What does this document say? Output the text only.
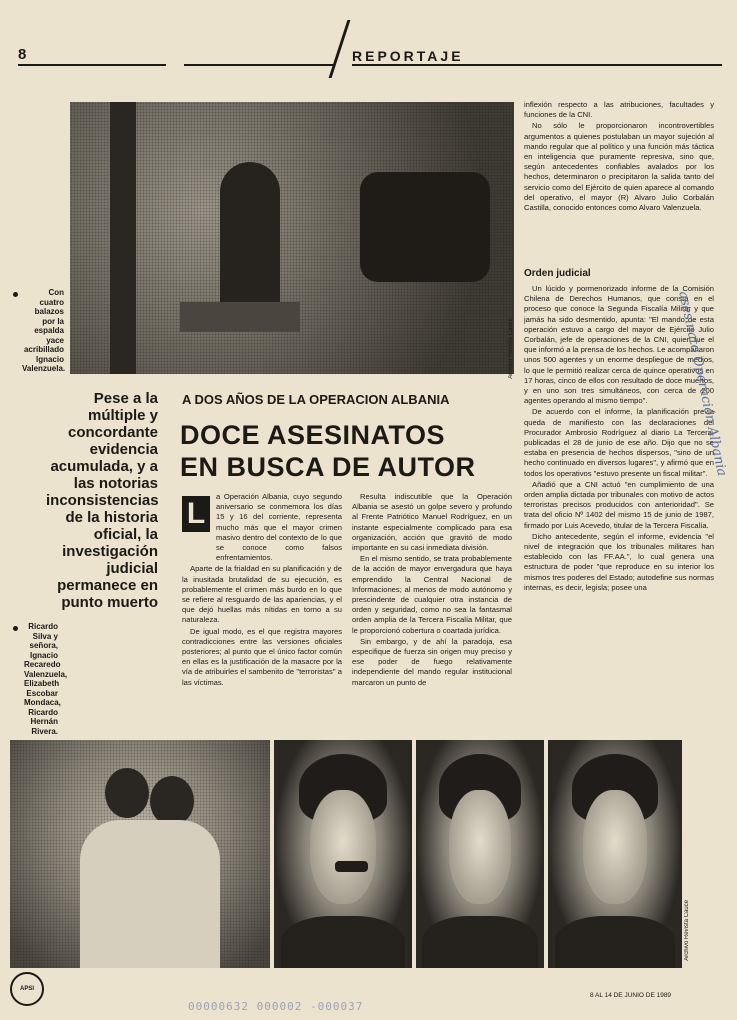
8	REPORTAJE
Archivo Revista Cauce
Con cuatro balazos por la espalda yace acribillado Ignacio Valenzuela.
Pese a la múltiple y concordante evidencia acumulada, y a las notorias inconsistencias de la historia oficial, la investigación judicial permanece en punto muerto
Ricardo Silva y señora, Ignacio Recaredo Valenzuela, Elizabeth Escobar Mondaca, Ricardo Hernán Rivera.
A DOS AÑOS DE LA OPERACION ALBANIA
DOCE ASESINATOS
EN BUSCA DE AUTOR
L

a Operación Albania, cuyo segundo aniversario se conmemora los días 15 y 16 del corriente, representa mucho más que el mayor crimen masivo dentro del contexto de lo que se conoce como falsos enfrentamientos.

Aparte de la frialdad en su planificación y de la inusitada brutalidad de su ejecución, es probablemente el crimen más burdo en lo que se refiere al resguardo de las apariencias, y el que dejó huellas más nítidas en torno a su naturaleza.

De igual modo, es el que registra mayores contradicciones entre las versiones oficiales posteriores; al punto que el único factor común en ellas es la justificación de la masacre por la vía de atribuirles el sambenito de "terroristas" a las víctimas.

Resulta indiscutible que la Operación Albania se asestó un golpe severo y profundo al Frente Patriótico Manuel Rodríguez, en un instante especialmente complicado para esa organización, acción que gravitó de modo importante en su casi inmediata división.

En el mismo sentido, se trata probablemente de la acción de mayor envergadura que haya emprendido la Central Nacional de Informaciones; al menos de modo autónomo y prescindente de cualquier otra instancia de orden y seguridad, como no sea la fantasmal orden amplia de la Tercera Fiscalía Militar, que le proporcionó cobertura o coartada jurídica.

Sin embargo, y de ahí la paradoja, esa especifique de fuerza sin origen muy preciso y ese poder de fuego relativamente independiente del mando regular institucional marcaron un punto de

inflexión respecto a las atribuciones, facultades y funciones de la CNI.

No sólo le proporcionaron incontrovertibles argumentos a quienes postulaban un mayor sujeción al mando regular que al político y una función más táctica en inteligencia que puramente represiva, sino que, según antecedentes confiables avalados por los hechos, determinaron o precipitaron la salida tanto del servicio como del Ejército de quien aparece al comando del operativo, el mayor (R) Alvaro Julio Corbalán Castilla, conocido entonces como Alvaro Valenzuela.

Orden judicial

Un lúcido y pormenorizado informe de la Comisión Chilena de Derechos Humanos, que consta en el proceso que conoce la Segunda Fiscalía Militar y que jamás ha sido desmentido, apunta: "El mando de esta operación estuvo a cargo del mayor de Ejército Julio Corbalán, jefe de operaciones de la CNI, quien fue el que informó a la prensa de los hechos. Le acompañaron unos 500 agentes y un enorme despliegue de medios, lo que le permitió realizar cerca de quince operativos en 17 horas, cinco de ellos con resultado de doce muertos, y en uno son tres simultáneos, con cerca de 200 agentes operando al mismo tiempo".

De acuerdo con el informe, la planificación previa queda de manifiesto con las declaraciones del Procurador Ambrosio Rodríguez al diario La Tercera, publicadas el 28 de junio de ese año. Dijo que no se estaba en presencia de hechos dispersos, "sino de un hecho continuado en diversos lugares", y afirmó que en todos los operativos "estuvo presente un fiscal militar".

Añadió que a CNI actuó "en cumplimiento de una orden amplia dictada por tribunales con motivo de actos terroristas precisos producidos con anterioridad". Se trata del oficio Nº 1402 del mismo 15 de junio de 1987, firmado por Luis Acevedo, titular de la Tercera Fiscalía.

Dicho antecedente, según el informe, evidencia "el nivel de integración que los tribunales militares han establecido con las FF.AA.", lo cual genera una estructura de poder "que reproduce en su interior los mismos tres poderes del Estado; autodefine sus normas internas, es decir, legisla; posee una

asesinato Operación Albania
Archivo Revista Cauce
APSI
00000632 000002 -000037
8 AL 14 DE JUNIO DE 1989
